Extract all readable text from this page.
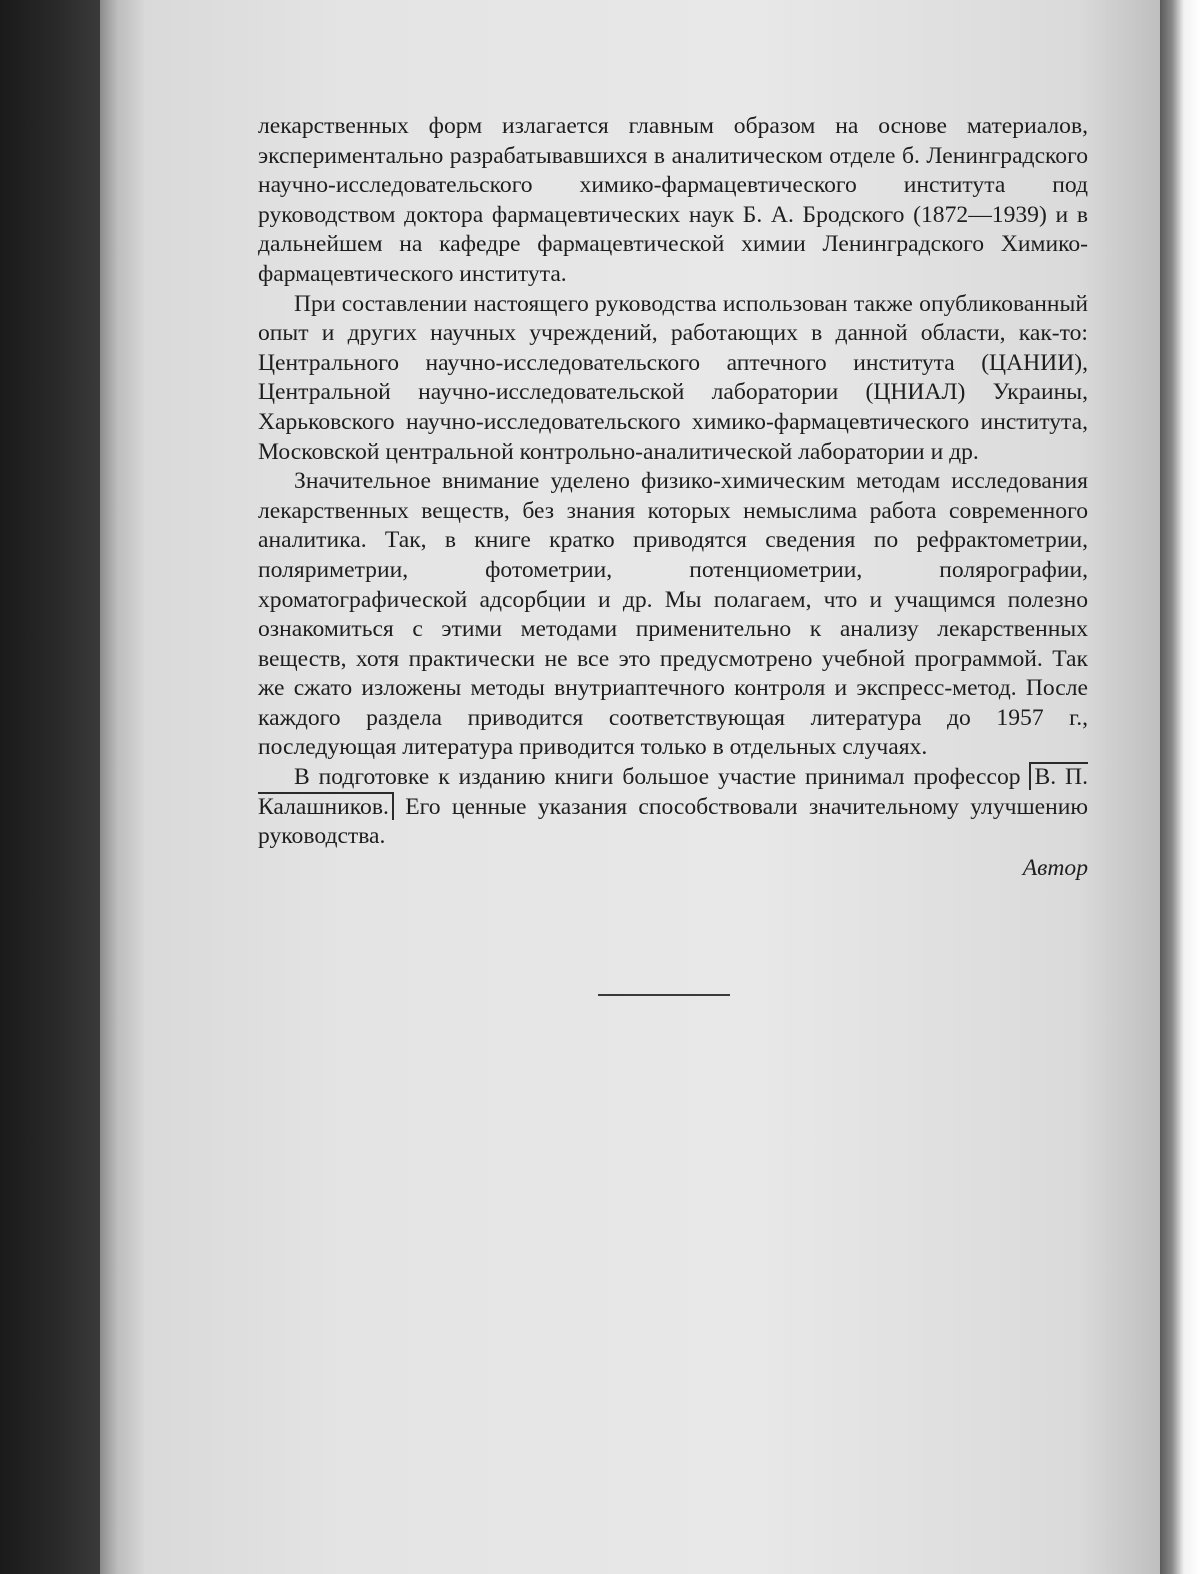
лекарственных форм излагается главным образом на основе материалов, экспериментально разрабатывавшихся в аналитическом отделе б. Ленинградского научно-исследовательского химико-фармацевтического института под руководством доктора фармацевтических наук Б. А. Бродского (1872—1939) и в дальнейшем на кафедре фармацевтической химии Ленинградского Химико-фармацевтического института.

При составлении настоящего руководства использован также опубликованный опыт и других научных учреждений, работающих в данной области, как-то: Центрального научно-исследовательского аптечного института (ЦАНИИ), Центральной научно-исследовательской лаборатории (ЦНИАЛ) Украины, Харьковского научно-исследовательского химико-фармацевтического института, Московской центральной контрольно-аналитической лаборатории и др.

Значительное внимание уделено физико-химическим методам исследования лекарственных веществ, без знания которых немыслима работа современного аналитика. Так, в книге кратко приводятся сведения по рефрактометрии, поляриметрии, фотометрии, потенциометрии, полярографии, хроматографической адсорбции и др. Мы полагаем, что и учащимся полезно ознакомиться с этими методами применительно к анализу лекарственных веществ, хотя практически не все это предусмотрено учебной программой. Так же сжато изложены методы внутриаптечного контроля и экспресс-метод. После каждого раздела приводится соответствующая литература до 1957 г., последующая литература приводится только в отдельных случаях.

В подготовке к изданию книги большое участие принимал профессор В. П. Калашников. Его ценные указания способствовали значительному улучшению руководства.

Автор
